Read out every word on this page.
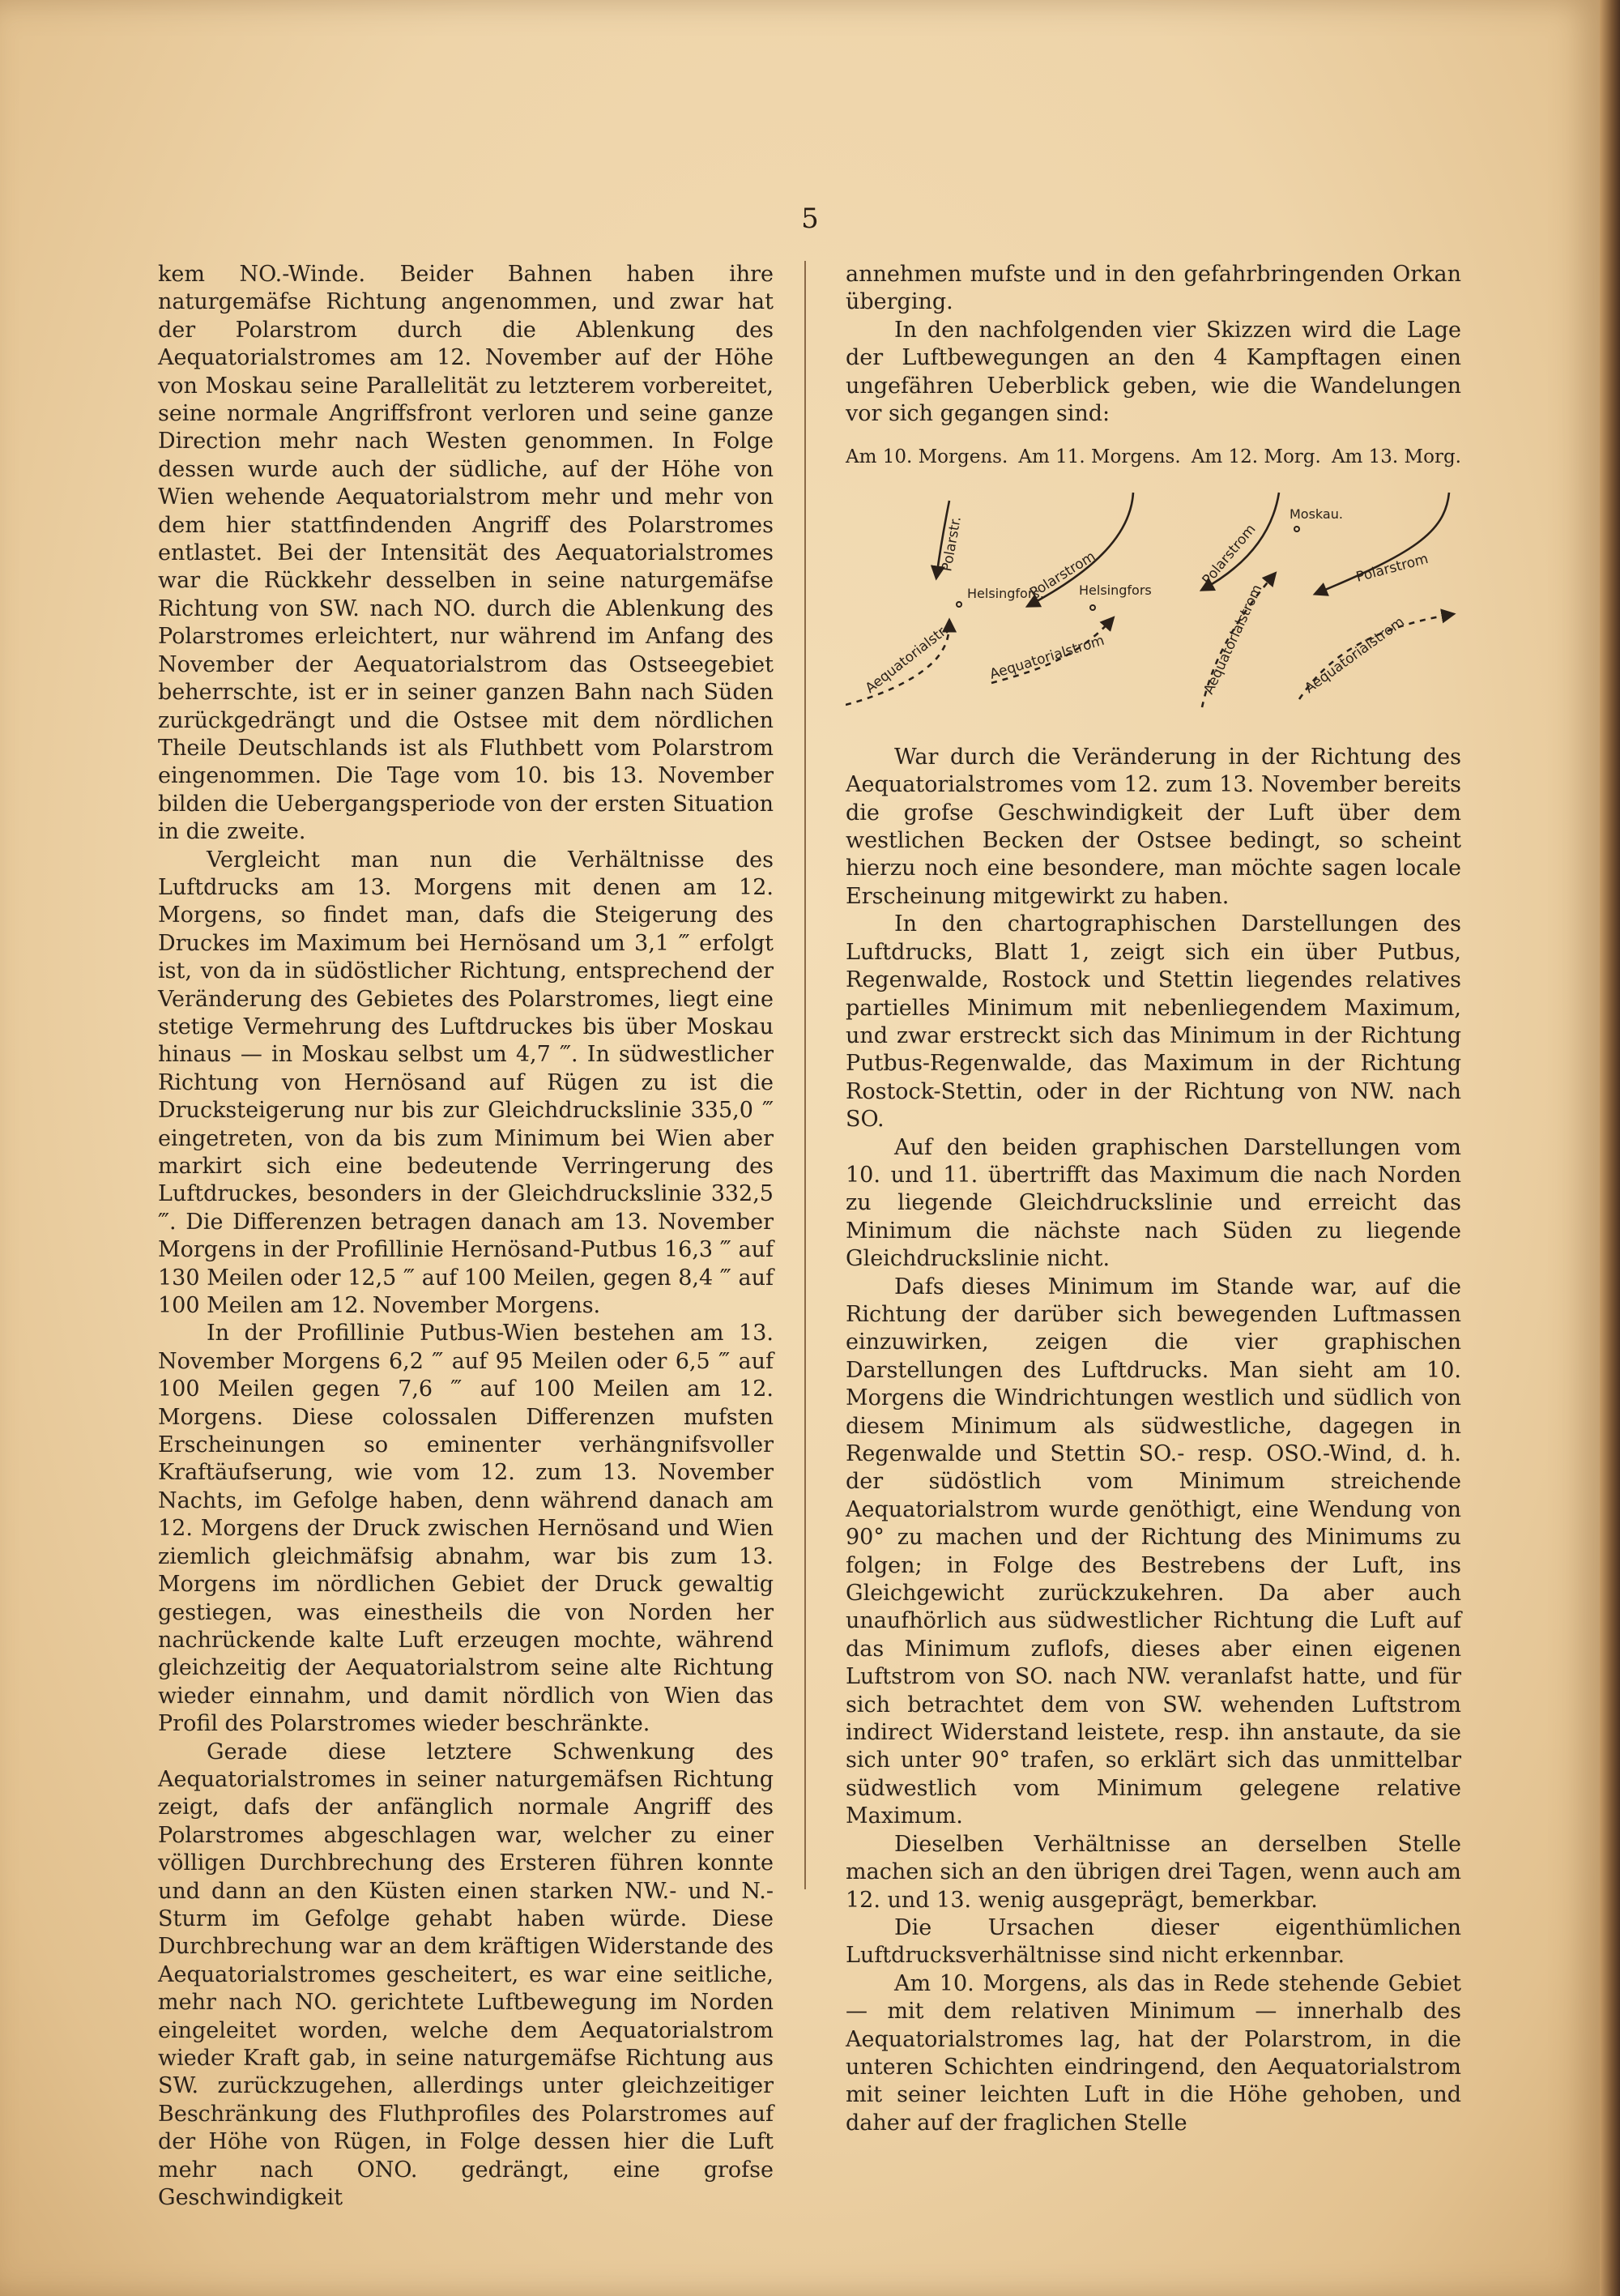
5

kem NO.-Winde. Beider Bahnen haben ihre naturgemäfse Richtung angenommen, und zwar hat der Polarstrom durch die Ablenkung des Aequatorialstromes am 12. November auf der Höhe von Moskau seine Parallelität zu letzterem vorbereitet, seine normale Angriffsfront verloren und seine ganze Direction mehr nach Westen genommen. In Folge dessen wurde auch der südliche, auf der Höhe von Wien wehende Aequatorialstrom mehr und mehr von dem hier stattfindenden Angriff des Polarstromes entlastet. Bei der Intensität des Aequatorialstromes war die Rückkehr desselben in seine naturgemäfse Richtung von SW. nach NO. durch die Ablenkung des Polarstromes erleichtert, nur während im Anfang des November der Aequatorialstrom das Ostseegebiet beherrschte, ist er in seiner ganzen Bahn nach Süden zurückgedrängt und die Ostsee mit dem nördlichen Theile Deutschlands ist als Fluthbett vom Polarstrom eingenommen. Die Tage vom 10. bis 13. November bilden die Uebergangsperiode von der ersten Situation in die zweite.

Vergleicht man nun die Verhältnisse des Luftdrucks am 13. Morgens mit denen am 12. Morgens, so findet man, dafs die Steigerung des Druckes im Maximum bei Hernösand um 3,1 ‴ erfolgt ist, von da in südöstlicher Richtung, entsprechend der Veränderung des Gebietes des Polarstromes, liegt eine stetige Vermehrung des Luftdruckes bis über Moskau hinaus — in Moskau selbst um 4,7 ‴. In südwestlicher Richtung von Hernösand auf Rügen zu ist die Drucksteigerung nur bis zur Gleichdruckslinie 335,0 ‴ eingetreten, von da bis zum Minimum bei Wien aber markirt sich eine bedeutende Verringerung des Luftdruckes, besonders in der Gleichdruckslinie 332,5 ‴. Die Differenzen betragen danach am 13. November Morgens in der Profillinie Hernösand-Putbus 16,3 ‴ auf 130 Meilen oder 12,5 ‴ auf 100 Meilen, gegen 8,4 ‴ auf 100 Meilen am 12. November Morgens.

In der Profillinie Putbus-Wien bestehen am 13. November Morgens 6,2 ‴ auf 95 Meilen oder 6,5 ‴ auf 100 Meilen gegen 7,6 ‴ auf 100 Meilen am 12. Morgens. Diese colossalen Differenzen mufsten Erscheinungen so eminenter verhängnifsvoller Kraftäufserung, wie vom 12. zum 13. November Nachts, im Gefolge haben, denn während danach am 12. Morgens der Druck zwischen Hernösand und Wien ziemlich gleichmäfsig abnahm, war bis zum 13. Morgens im nördlichen Gebiet der Druck gewaltig gestiegen, was einestheils die von Norden her nachrückende kalte Luft erzeugen mochte, während gleichzeitig der Aequatorialstrom seine alte Richtung wieder einnahm, und damit nördlich von Wien das Profil des Polarstromes wieder beschränkte.

Gerade diese letztere Schwenkung des Aequatorialstromes in seiner naturgemäfsen Richtung zeigt, dafs der anfänglich normale Angriff des Polarstromes abgeschlagen war, welcher zu einer völligen Durchbrechung des Ersteren führen konnte und dann an den Küsten einen starken NW.- und N.-Sturm im Gefolge gehabt haben würde. Diese Durchbrechung war an dem kräftigen Widerstande des Aequatorialstromes gescheitert, es war eine seitliche, mehr nach NO. gerichtete Luftbewegung im Norden eingeleitet worden, welche dem Aequatorialstrom wieder Kraft gab, in seine naturgemäfse Richtung aus SW. zurückzugehen, allerdings unter gleichzeitiger Beschränkung des Fluthprofiles des Polarstromes auf der Höhe von Rügen, in Folge dessen hier die Luft mehr nach ONO. gedrängt, eine grofse Geschwindigkeit

annehmen mufste und in den gefahrbringenden Orkan überging.

In den nachfolgenden vier Skizzen wird die Lage der Luftbewegungen an den 4 Kampftagen einen ungefähren Ueberblick geben, wie die Wandelungen vor sich gegangen sind:

Am 10. Morgens. Am 11. Morgens. Am 12. Morg. Am 13. Morg.
Polarstr.
Helsingfors.
Aequatorialstr.
Polarstrom
Helsingfors
Aequatorialstrom
Polarstrom
Aequatorialstrom
Moskau.
Polarstrom
Aequatorialstrom

War durch die Veränderung in der Richtung des Aequatorialstromes vom 12. zum 13. November bereits die grofse Geschwindigkeit der Luft über dem westlichen Becken der Ostsee bedingt, so scheint hierzu noch eine besondere, man möchte sagen locale Erscheinung mitgewirkt zu haben.

In den chartographischen Darstellungen des Luftdrucks, Blatt 1, zeigt sich ein über Putbus, Regenwalde, Rostock und Stettin liegendes relatives partielles Minimum mit nebenliegendem Maximum, und zwar erstreckt sich das Minimum in der Richtung Putbus-Regenwalde, das Maximum in der Richtung Rostock-Stettin, oder in der Richtung von NW. nach SO.

Auf den beiden graphischen Darstellungen vom 10. und 11. übertrifft das Maximum die nach Norden zu liegende Gleichdruckslinie und erreicht das Minimum die nächste nach Süden zu liegende Gleichdruckslinie nicht.

Dafs dieses Minimum im Stande war, auf die Richtung der darüber sich bewegenden Luftmassen einzuwirken, zeigen die vier graphischen Darstellungen des Luftdrucks. Man sieht am 10. Morgens die Windrichtungen westlich und südlich von diesem Minimum als südwestliche, dagegen in Regenwalde und Stettin SO.- resp. OSO.-Wind, d. h. der südöstlich vom Minimum streichende Aequatorialstrom wurde genöthigt, eine Wendung von 90° zu machen und der Richtung des Minimums zu folgen; in Folge des Bestrebens der Luft, ins Gleichgewicht zurückzukehren. Da aber auch unaufhörlich aus südwestlicher Richtung die Luft auf das Minimum zuflofs, dieses aber einen eigenen Luftstrom von SO. nach NW. veranlafst hatte, und für sich betrachtet dem von SW. wehenden Luftstrom indirect Widerstand leistete, resp. ihn anstaute, da sie sich unter 90° trafen, so erklärt sich das unmittelbar südwestlich vom Minimum gelegene relative Maximum.

Dieselben Verhältnisse an derselben Stelle machen sich an den übrigen drei Tagen, wenn auch am 12. und 13. wenig ausgeprägt, bemerkbar.

Die Ursachen dieser eigenthümlichen Luftdrucksverhältnisse sind nicht erkennbar.

Am 10. Morgens, als das in Rede stehende Gebiet — mit dem relativen Minimum — innerhalb des Aequatorialstromes lag, hat der Polarstrom, in die unteren Schichten eindringend, den Aequatorialstrom mit seiner leichten Luft in die Höhe gehoben, und daher auf der fraglichen Stelle
